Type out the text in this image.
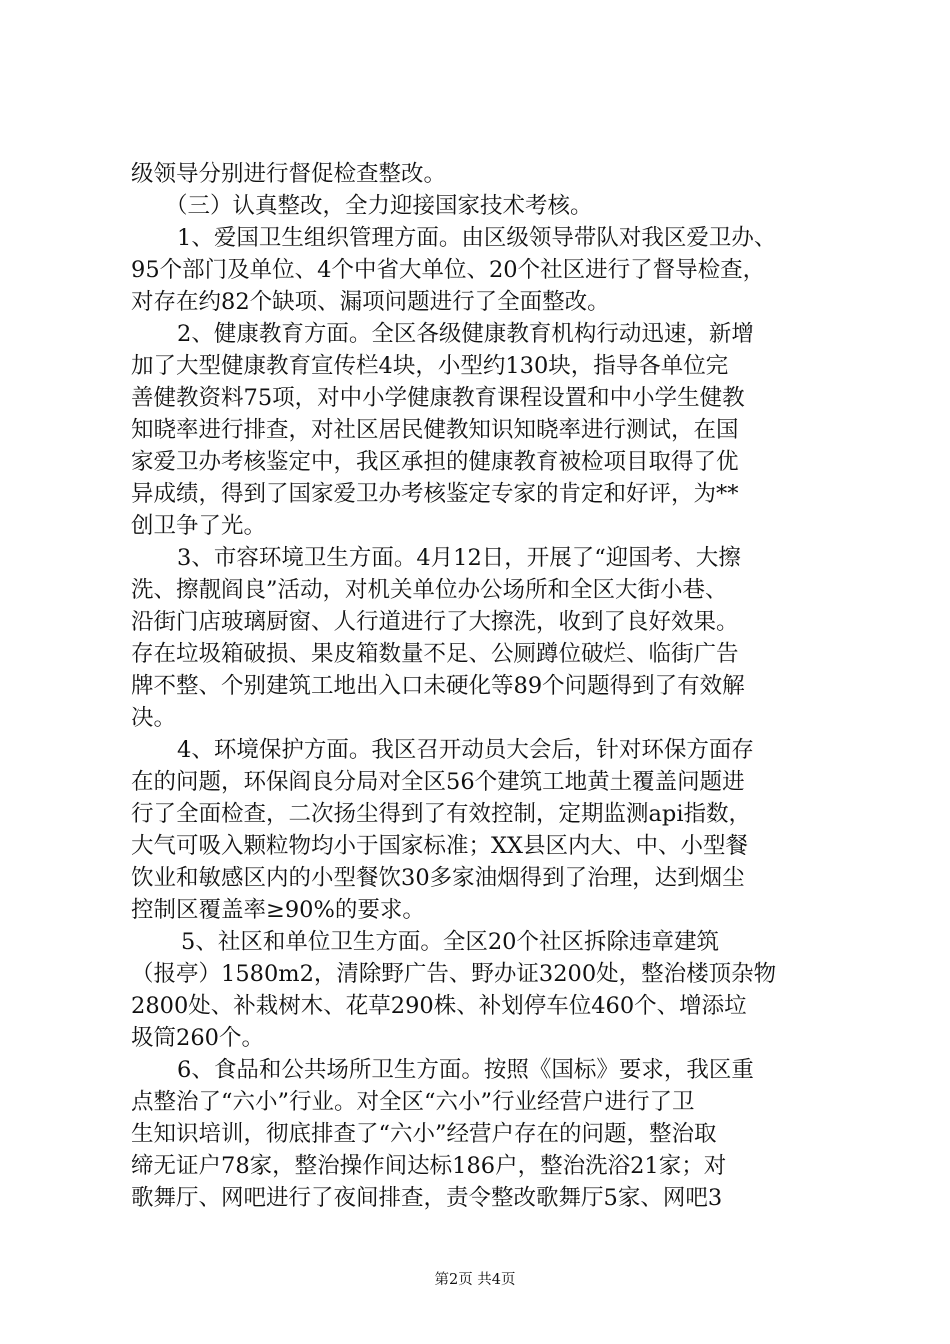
级领导分别进行督促检查整改。
（三）认真整改，全力迎接国家技术考核。
1、爱国卫生组织管理方面。由区级领导带队对我区爱卫办、
95个部门及单位、4个中省大单位、20个社区进行了督导检查，
对存在约82个缺项、漏项问题进行了全面整改。
2、健康教育方面。全区各级健康教育机构行动迅速，新增
加了大型健康教育宣传栏4块，小型约130块，指导各单位完
善健教资料75项，对中小学健康教育课程设置和中小学生健教
知晓率进行排查，对社区居民健教知识知晓率进行测试，在国
家爱卫办考核鉴定中，我区承担的健康教育被检项目取得了优
异成绩，得到了国家爱卫办考核鉴定专家的肯定和好评，为**
创卫争了光。
3、市容环境卫生方面。4月12日，开展了“迎国考、大擦
洗、擦靓阎良”活动，对机关单位办公场所和全区大街小巷、
沿街门店玻璃厨窗、人行道进行了大擦洗，收到了良好效果。
存在垃圾箱破损、果皮箱数量不足、公厕蹲位破烂、临街广告
牌不整、个别建筑工地出入口未硬化等89个问题得到了有效解
决。
4、环境保护方面。我区召开动员大会后，针对环保方面存
在的问题，环保阎良分局对全区56个建筑工地黄土覆盖问题进
行了全面检查，二次扬尘得到了有效控制，定期监测api指数，
大气可吸入颗粒物均小于国家标准；XX县区内大、中、小型餐
饮业和敏感区内的小型餐饮30多家油烟得到了治理，达到烟尘
控制区覆盖率≥90%的要求。
5、社区和单位卫生方面。全区20个社区拆除违章建筑
（报亭）1580m2，清除野广告、野办证3200处，整治楼顶杂物
2800处、补栽树木、花草290株、补划停车位460个、增添垃
圾筒260个。
6、食品和公共场所卫生方面。按照《国标》要求，我区重
点整治了“六小”行业。对全区“六小”行业经营户进行了卫
生知识培训，彻底排查了“六小”经营户存在的问题，整治取
缔无证户78家，整治操作间达标186户，整治洗浴21家；对
歌舞厅、网吧进行了夜间排查，责令整改歌舞厅5家、网吧3
第2页 共4页
